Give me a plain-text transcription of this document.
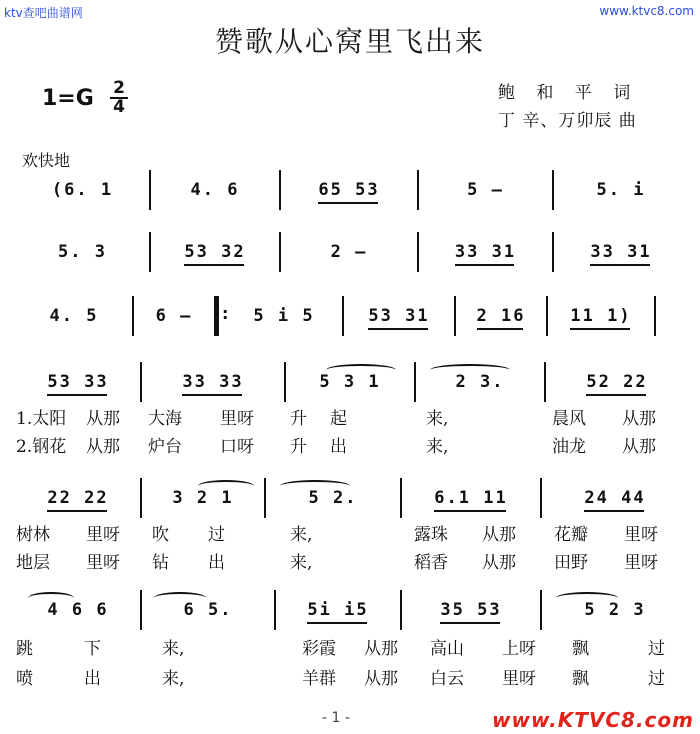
ktv查吧曲谱网	www.ktvc8.com
赞歌从心窝里飞出来
1=G 2
4
鲍 和 平 词
丁 辛、万卯辰 曲
欢快地
(6. 1	4. 6	65 53	5 —	5. i
5. 3	53 32	2 —	33 31	33 31
4. 5	6 —
:	5 i 5	53 31	2 16	11 1)
53 33	33 33	5 3 1	2 3.	52 22
1.太阳	从那	大海	里呀	升	起	来,	晨风	从那
2.钢花	从那	炉台	口呀	升	出	来,	油龙	从那
22 22	3 2 1	5 2.	6.1 11	24 44
树林	里呀	吹	过	来,	露珠	从那	花瓣	里呀
地层	里呀	钻	出	来,	稻香	从那	田野	里呀
4 6 6	6 5.	5i i5	35 53	5 2 3
跳	下	来,	彩霞	从那	高山	上呀	飘	过
喷	出	来,	羊群	从那	白云	里呀	飘	过
- 1 -	www.KTVC8.com
